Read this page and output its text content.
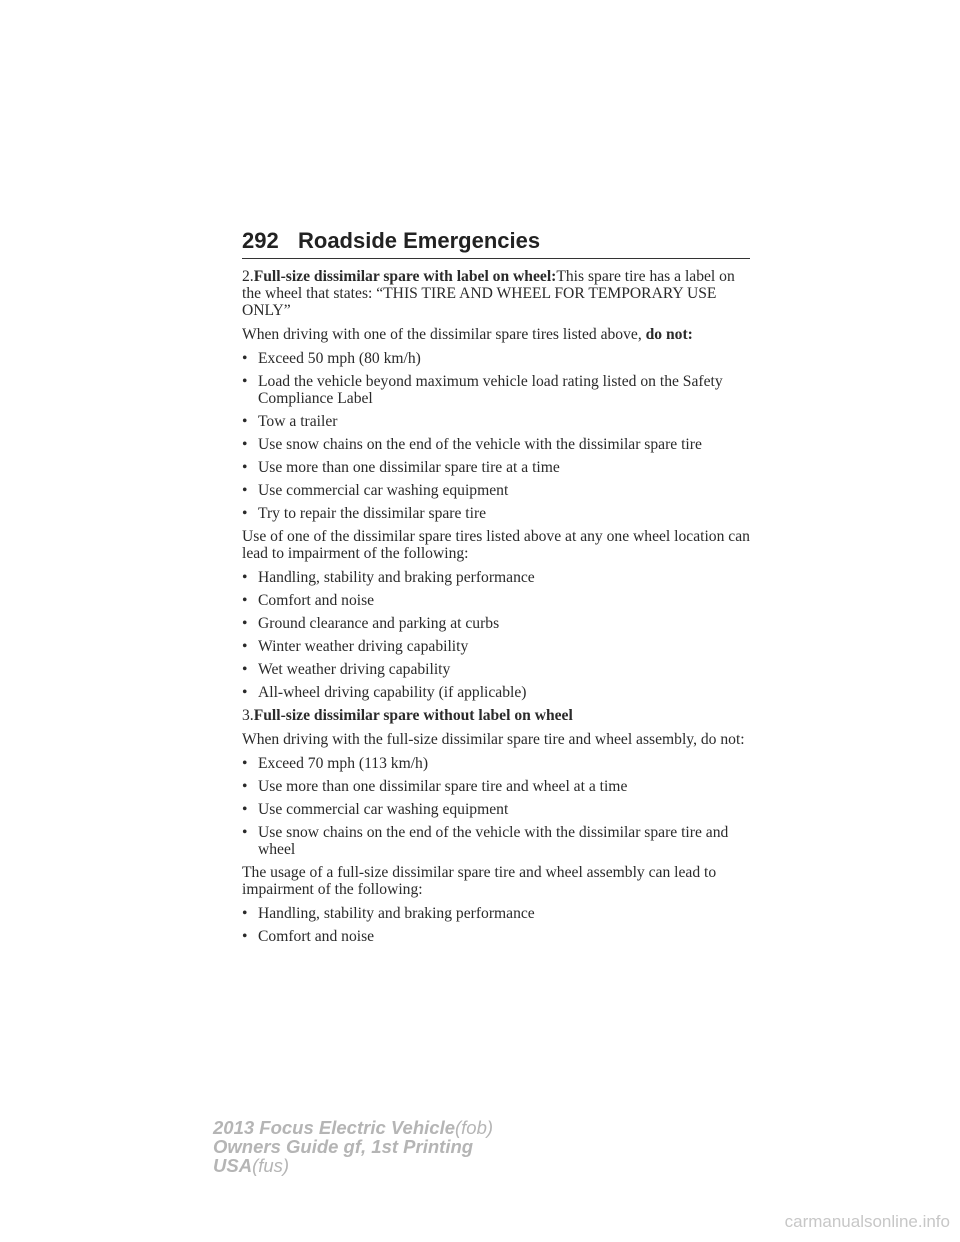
292 Roadside Emergencies

2.Full-size dissimilar spare with label on wheel:This spare tire has a label on the wheel that states: “THIS TIRE AND WHEEL FOR TEMPORARY USE ONLY”

When driving with one of the dissimilar spare tires listed above, do not:

• Exceed 50 mph (80 km/h)
• Load the vehicle beyond maximum vehicle load rating listed on the Safety Compliance Label
• Tow a trailer
• Use snow chains on the end of the vehicle with the dissimilar spare tire
• Use more than one dissimilar spare tire at a time
• Use commercial car washing equipment
• Try to repair the dissimilar spare tire

Use of one of the dissimilar spare tires listed above at any one wheel location can lead to impairment of the following:

• Handling, stability and braking performance
• Comfort and noise
• Ground clearance and parking at curbs
• Winter weather driving capability
• Wet weather driving capability
• All-wheel driving capability (if applicable)

3.Full-size dissimilar spare without label on wheel

When driving with the full-size dissimilar spare tire and wheel assembly, do not:

• Exceed 70 mph (113 km/h)
• Use more than one dissimilar spare tire and wheel at a time
• Use commercial car washing equipment
• Use snow chains on the end of the vehicle with the dissimilar spare tire and wheel

The usage of a full-size dissimilar spare tire and wheel assembly can lead to impairment of the following:

• Handling, stability and braking performance
• Comfort and noise
2013 Focus Electric Vehicle(fob)
Owners Guide gf, 1st Printing
USA(fus)
carmanualsonline.info
